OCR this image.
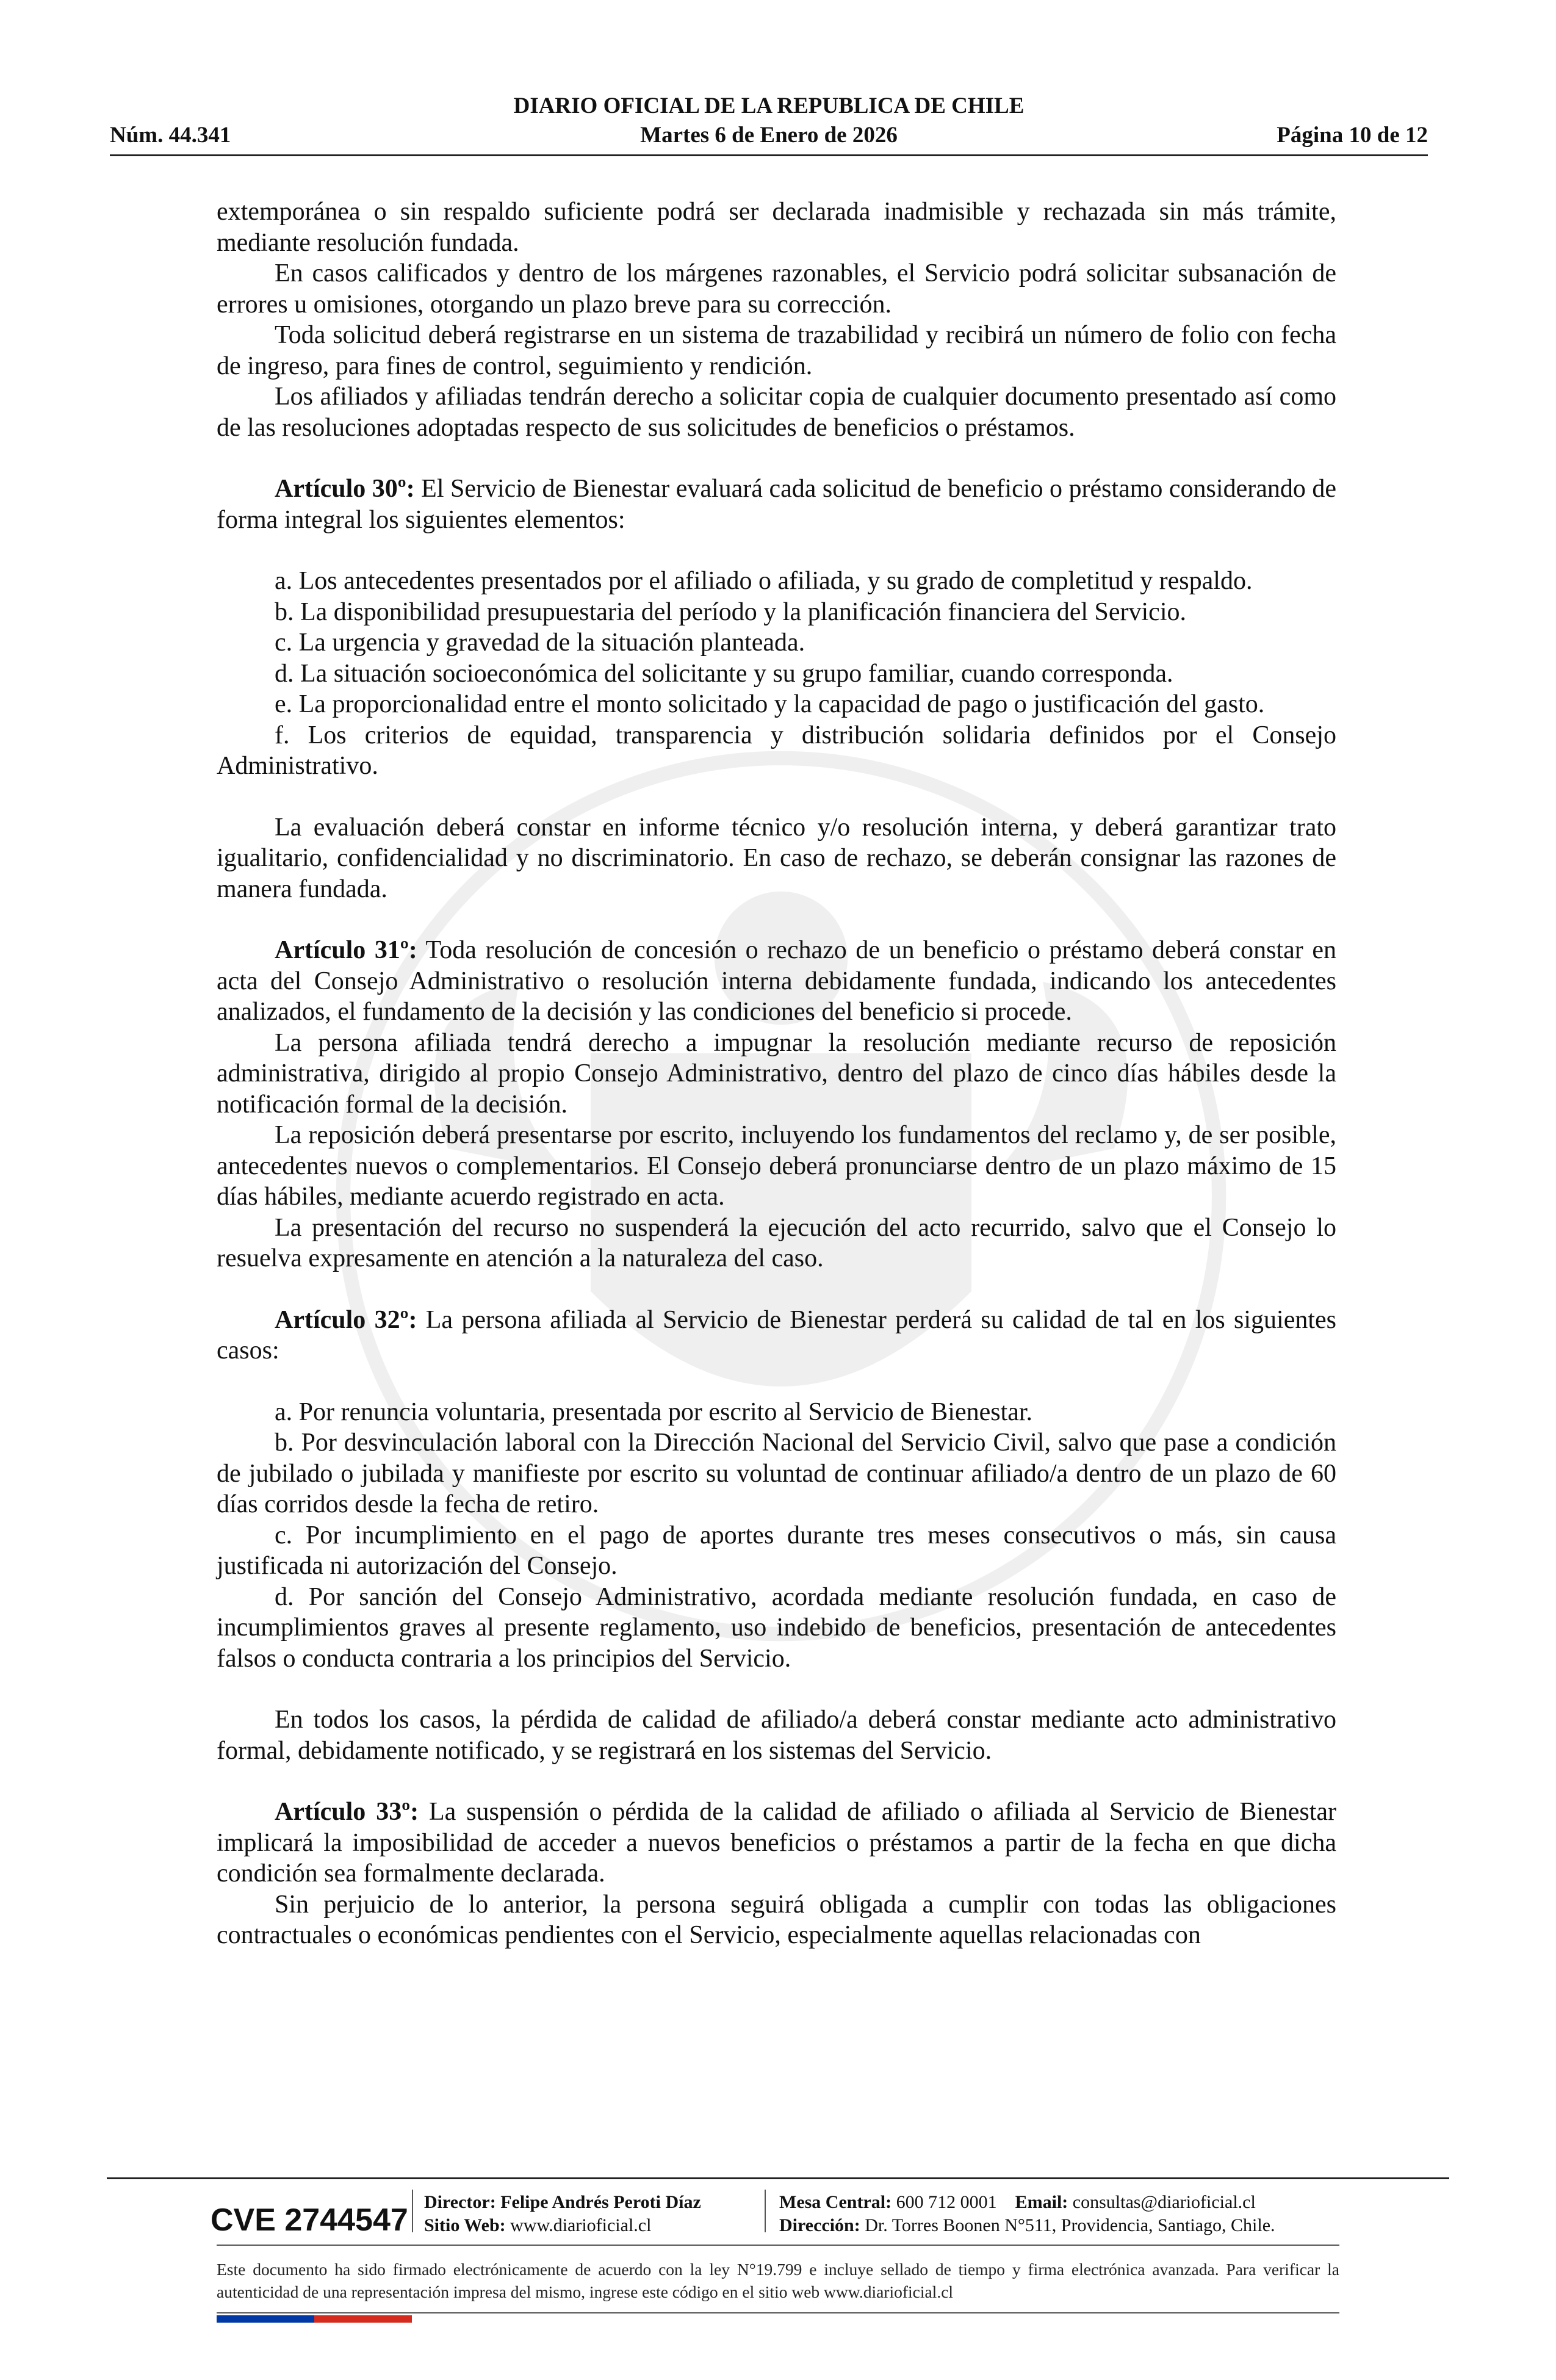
DIARIO OFICIAL DE LA REPUBLICA DE CHILE
Martes 6 de Enero de 2026
Núm. 44.341	Página 10 de 12

extemporánea o sin respaldo suficiente podrá ser declarada inadmisible y rechazada sin más trámite, mediante resolución fundada.

En casos calificados y dentro de los márgenes razonables, el Servicio podrá solicitar subsanación de errores u omisiones, otorgando un plazo breve para su corrección.

Toda solicitud deberá registrarse en un sistema de trazabilidad y recibirá un número de folio con fecha de ingreso, para fines de control, seguimiento y rendición.

Los afiliados y afiliadas tendrán derecho a solicitar copia de cualquier documento presentado así como de las resoluciones adoptadas respecto de sus solicitudes de beneficios o préstamos.

Artículo 30º: El Servicio de Bienestar evaluará cada solicitud de beneficio o préstamo considerando de forma integral los siguientes elementos:

a. Los antecedentes presentados por el afiliado o afiliada, y su grado de completitud y respaldo.

b. La disponibilidad presupuestaria del período y la planificación financiera del Servicio.

c. La urgencia y gravedad de la situación planteada.

d. La situación socioeconómica del solicitante y su grupo familiar, cuando corresponda.

e. La proporcionalidad entre el monto solicitado y la capacidad de pago o justificación del gasto.

f. Los criterios de equidad, transparencia y distribución solidaria definidos por el Consejo Administrativo.

La evaluación deberá constar en informe técnico y/o resolución interna, y deberá garantizar trato igualitario, confidencialidad y no discriminatorio. En caso de rechazo, se deberán consignar las razones de manera fundada.

Artículo 31º: Toda resolución de concesión o rechazo de un beneficio o préstamo deberá constar en acta del Consejo Administrativo o resolución interna debidamente fundada, indicando los antecedentes analizados, el fundamento de la decisión y las condiciones del beneficio si procede.

La persona afiliada tendrá derecho a impugnar la resolución mediante recurso de reposición administrativa, dirigido al propio Consejo Administrativo, dentro del plazo de cinco días hábiles desde la notificación formal de la decisión.

La reposición deberá presentarse por escrito, incluyendo los fundamentos del reclamo y, de ser posible, antecedentes nuevos o complementarios. El Consejo deberá pronunciarse dentro de un plazo máximo de 15 días hábiles, mediante acuerdo registrado en acta.

La presentación del recurso no suspenderá la ejecución del acto recurrido, salvo que el Consejo lo resuelva expresamente en atención a la naturaleza del caso.

Artículo 32º: La persona afiliada al Servicio de Bienestar perderá su calidad de tal en los siguientes casos:

a. Por renuncia voluntaria, presentada por escrito al Servicio de Bienestar.

b. Por desvinculación laboral con la Dirección Nacional del Servicio Civil, salvo que pase a condición de jubilado o jubilada y manifieste por escrito su voluntad de continuar afiliado/a dentro de un plazo de 60 días corridos desde la fecha de retiro.

c. Por incumplimiento en el pago de aportes durante tres meses consecutivos o más, sin causa justificada ni autorización del Consejo.

d. Por sanción del Consejo Administrativo, acordada mediante resolución fundada, en caso de incumplimientos graves al presente reglamento, uso indebido de beneficios, presentación de antecedentes falsos o conducta contraria a los principios del Servicio.

En todos los casos, la pérdida de calidad de afiliado/a deberá constar mediante acto administrativo formal, debidamente notificado, y se registrará en los sistemas del Servicio.

Artículo 33º: La suspensión o pérdida de la calidad de afiliado o afiliada al Servicio de Bienestar implicará la imposibilidad de acceder a nuevos beneficios o préstamos a partir de la fecha en que dicha condición sea formalmente declarada.

Sin perjuicio de lo anterior, la persona seguirá obligada a cumplir con todas las obligaciones contractuales o económicas pendientes con el Servicio, especialmente aquellas relacionadas con

CVE 2744547
Director: Felipe Andrés Peroti Díaz
Sitio Web: www.diarioficial.cl
Mesa Central: 600 712 0001 Email: consultas@diarioficial.cl
Dirección: Dr. Torres Boonen N°511, Providencia, Santiago, Chile.
Este documento ha sido firmado electrónicamente de acuerdo con la ley N°19.799 e incluye sellado de tiempo y firma electrónica avanzada. Para verificar la autenticidad de una representación impresa del mismo, ingrese este código en el sitio web www.diarioficial.cl
